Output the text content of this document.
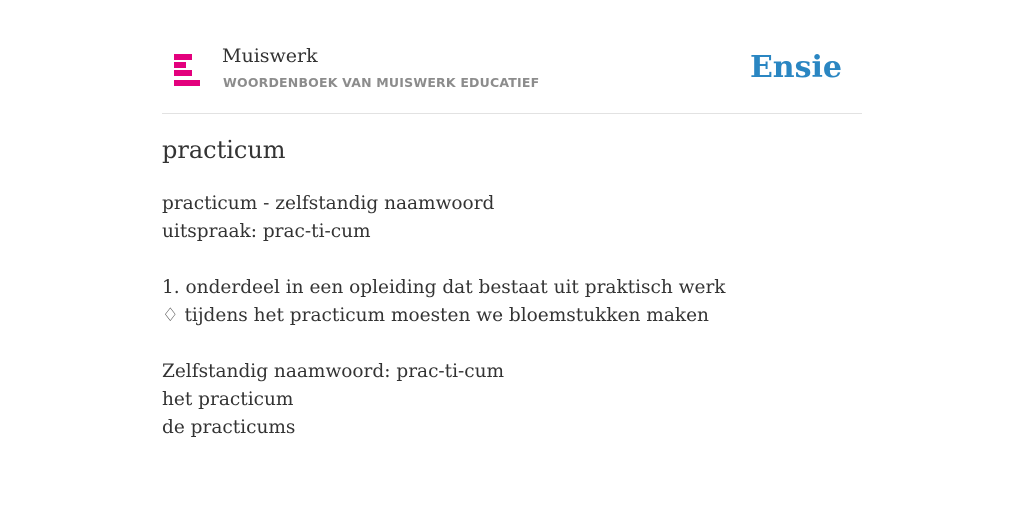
Muiswerk
WOORDENBOEK VAN MUISWERK EDUCATIEF	Ensie
practicum
practicum - zelfstandig naamwoord
uitspraak: prac-ti-cum
1. onderdeel in een opleiding dat bestaat uit praktisch werk
♢ tijdens het practicum moesten we bloemstukken maken
Zelfstandig naamwoord: prac-ti-cum
het practicum
de practicums
